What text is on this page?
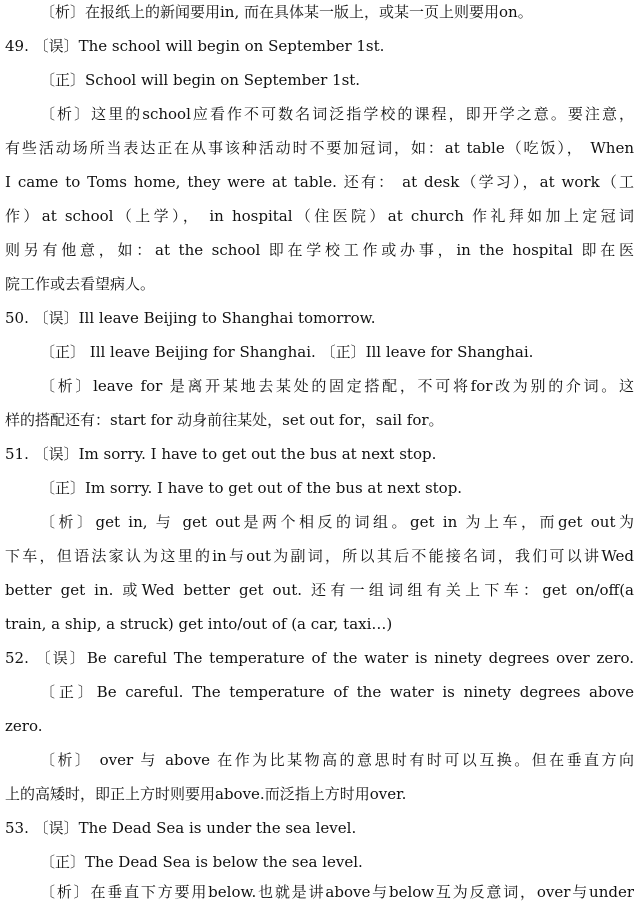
〔析〕在报纸上的新闻要用in, 而在具体某一版上，或某一页上则要用on。
49. 〔误〕The school will begin on September 1st.
〔正〕School will begin on September 1st.
〔析〕这里的school应看作不可数名词泛指学校的课程，即开学之意。要注意，
有些活动场所当表达正在从事该种活动时不要加冠词，如：at table（吃饭）， When
I came to Toms home, they were at table. 还有： at desk（学习），at work（工
作）at school（上学）， in hospital（住医院）at church 作礼拜如加上定冠词
则另有他意，如：at the school 即在学校工作或办事，in the hospital 即在医
院工作或去看望病人。
50. 〔误〕Ill leave Beijing to Shanghai tomorrow.
〔正〕 Ill leave Beijing for Shanghai. 〔正〕Ill leave for Shanghai.
〔析〕leave for 是离开某地去某处的固定搭配，不可将for改为别的介词。这
样的搭配还有：start for 动身前往某处，set out for，sail for。
51. 〔误〕Im sorry. I have to get out the bus at next stop.
〔正〕Im sorry. I have to get out of the bus at next stop.
〔析〕get in, 与 get out是两个相反的词组。get in 为上车，而get out为
下车，但语法家认为这里的in与out为副词，所以其后不能接名词，我们可以讲Wed
better get in. 或Wed better get out. 还有一组词组有关上下车：get on/off(a
train, a ship, a struck) get into/out of (a car, taxi…)
52. 〔误〕Be careful The temperature of the water is ninety degrees over zero.
〔正〕Be careful. The temperature of the water is ninety degrees above
zero.
〔析〕 over 与 above 在作为比某物高的意思时有时可以互换。但在垂直方向
上的高矮时，即正上方时则要用above.而泛指上方时用over.
53. 〔误〕The Dead Sea is under the sea level.
〔正〕The Dead Sea is below the sea level.
〔析〕在垂直下方要用below.也就是讲above与below互为反意词，over与under
